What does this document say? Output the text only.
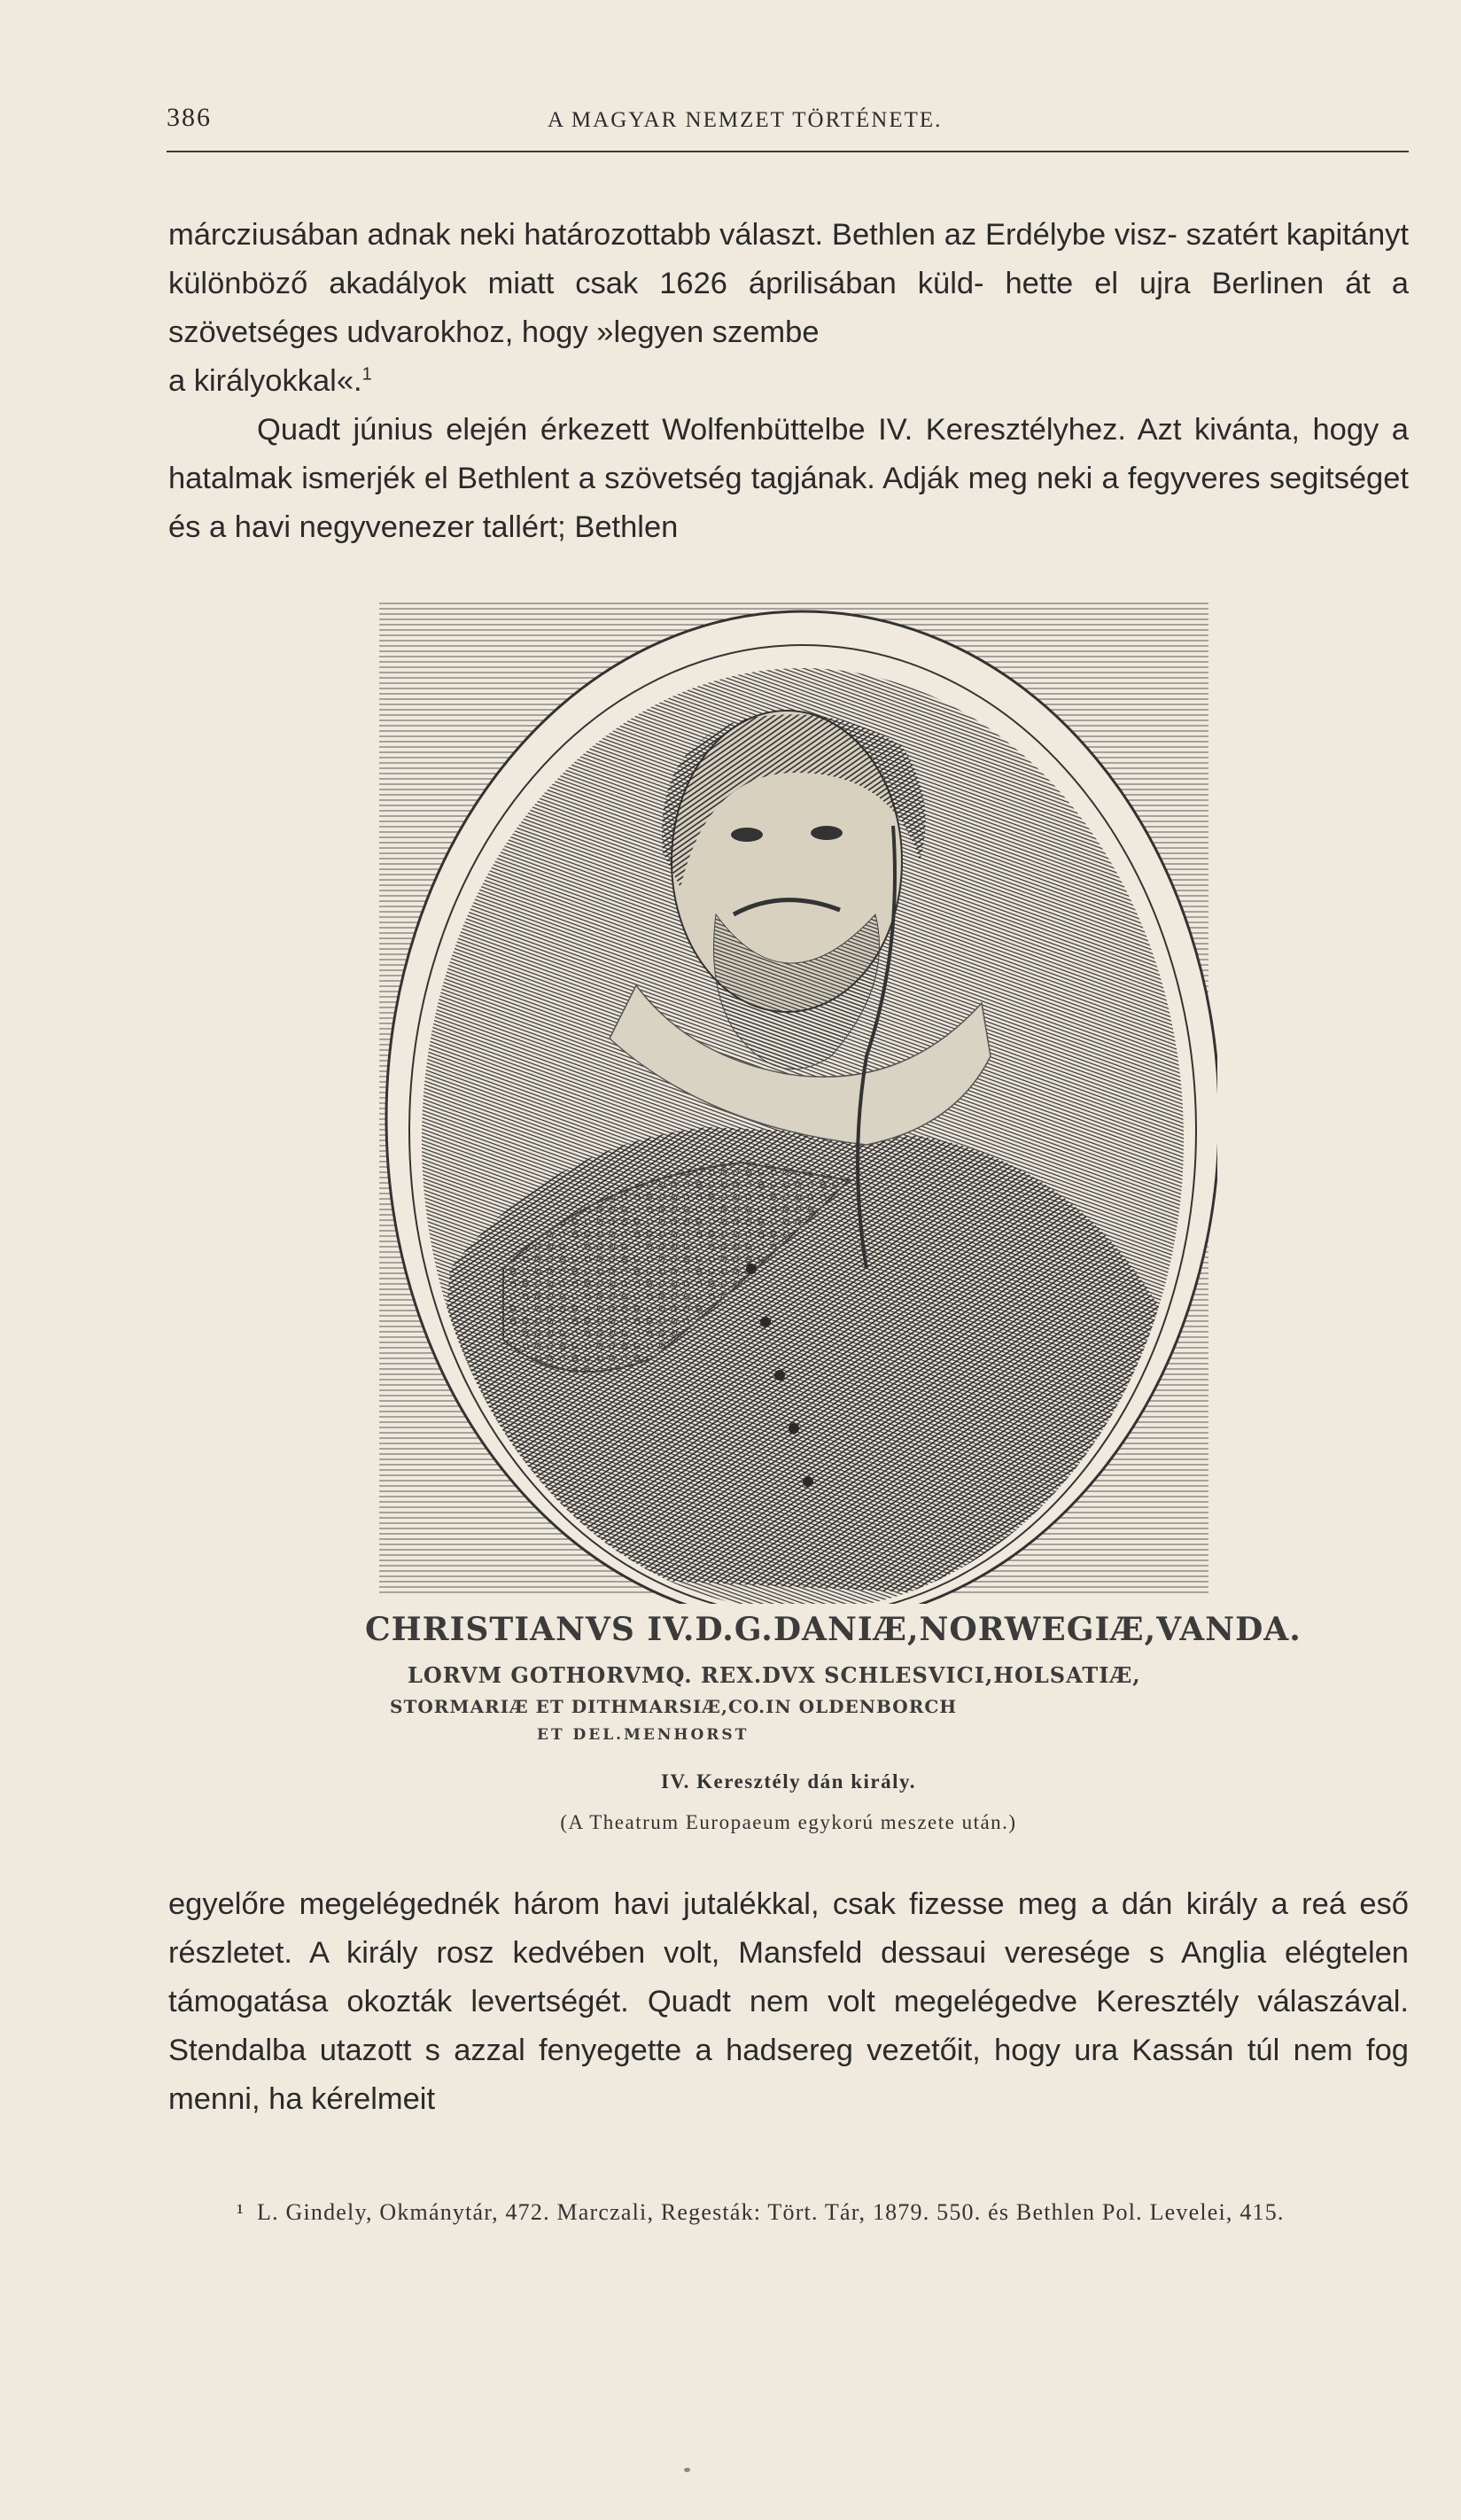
386	A MAGYAR NEMZET TÖRTÉNETE.

márcziusában adnak neki határozottabb választ. Bethlen az Erdélybe visz- szatért kapitányt különböző akadályok miatt csak 1626 áprilisában küld- hette el ujra Berlinen át a szövetséges udvarokhoz, hogy »legyen szembe
a királyokkal«.$^1$
Quadt június elején érkezett Wolfenbüttelbe IV. Keresztélyhez. Azt kivánta, hogy a hatalmak ismerjék el Bethlent a szövetség tagjának. Adják meg neki a fegyveres segitséget és a havi negyvenezer tallért; Bethlen

CHRISTIANVS IV.D.G.DANIÆ,NORWEGIÆ,VANDA.

LORVM GOTHORVMQ. REX.DVX SCHLESVICI,HOLSATIÆ,

STORMARIÆ ET DITHMARSIÆ,CO.IN OLDENBORCH

ET DEL.MENHORST

IV. Keresztély dán király.

(A Theatrum Europaeum egykorú meszete után.)

egyelőre megelégednék három havi jutalékkal, csak fizesse meg a dán király a reá eső részletet. A király rosz kedvében volt, Mansfeld dessaui veresége s Anglia elégtelen támogatása okozták levertségét. Quadt nem volt megelégedve Keresztély válaszával. Stendalba utazott s azzal fenyegette a hadsereg vezetőit, hogy ura Kassán túl nem fog menni, ha kérelmeit

¹ L. Gindely, Okmánytár, 472. Marczali, Regesták: Tört. Tár, 1879. 550. és Bethlen Pol. Levelei, 415.
